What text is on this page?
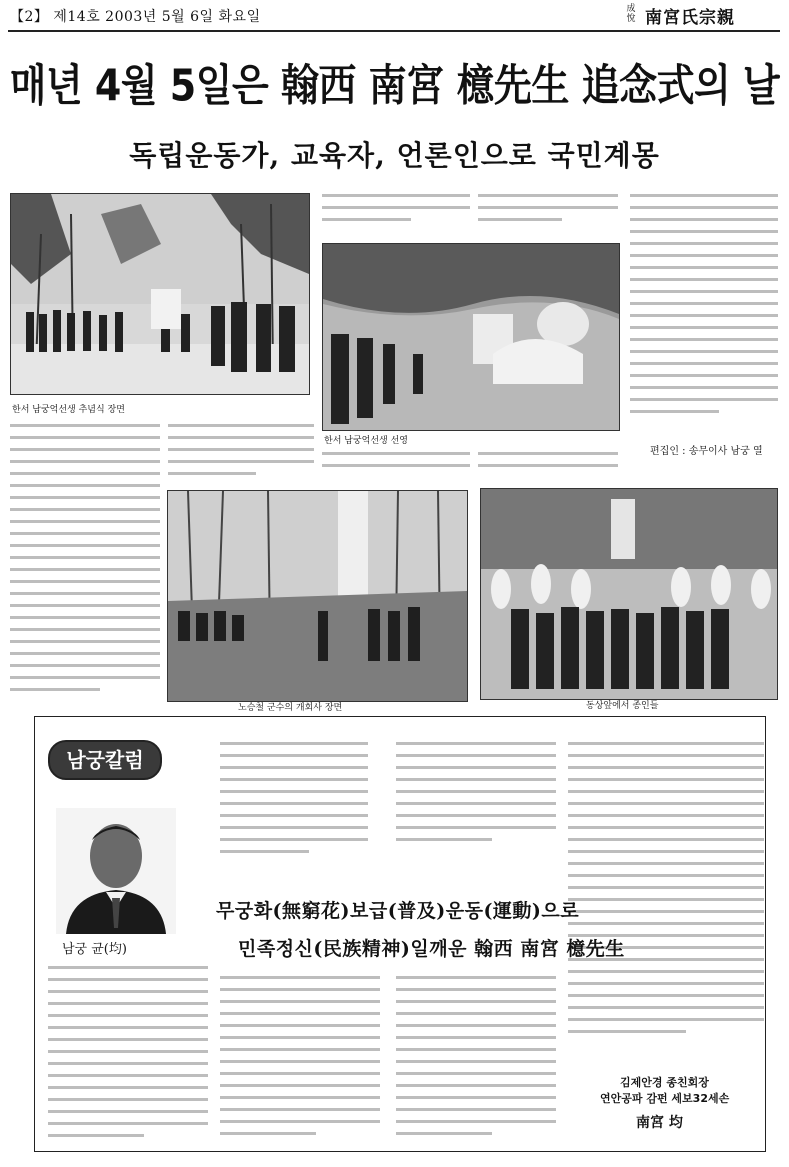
【2】 제14호 2003년 5월 6일 화요일	成悅 南宮氏宗親
매년 4월 5일은 翰西 南宮 檍先生 追念式의 날
독립운동가, 교육자, 언론인으로 국민계몽
한서 남궁억선생 추념식 장면
한서 남궁억선생 선영
노승철 군수의 개회사 장면	동상앞에서 종인들
편집인 : 송무이사 남궁 열
남궁칼럼
남궁 균(均)
무궁화(無窮花)보급(普及)운동(運動)으로
민족정신(民族精神)일깨운 翰西 南宮 檍先生
김제안경 종친회장
연안공파 감펀 세보32세손
南宮 均
